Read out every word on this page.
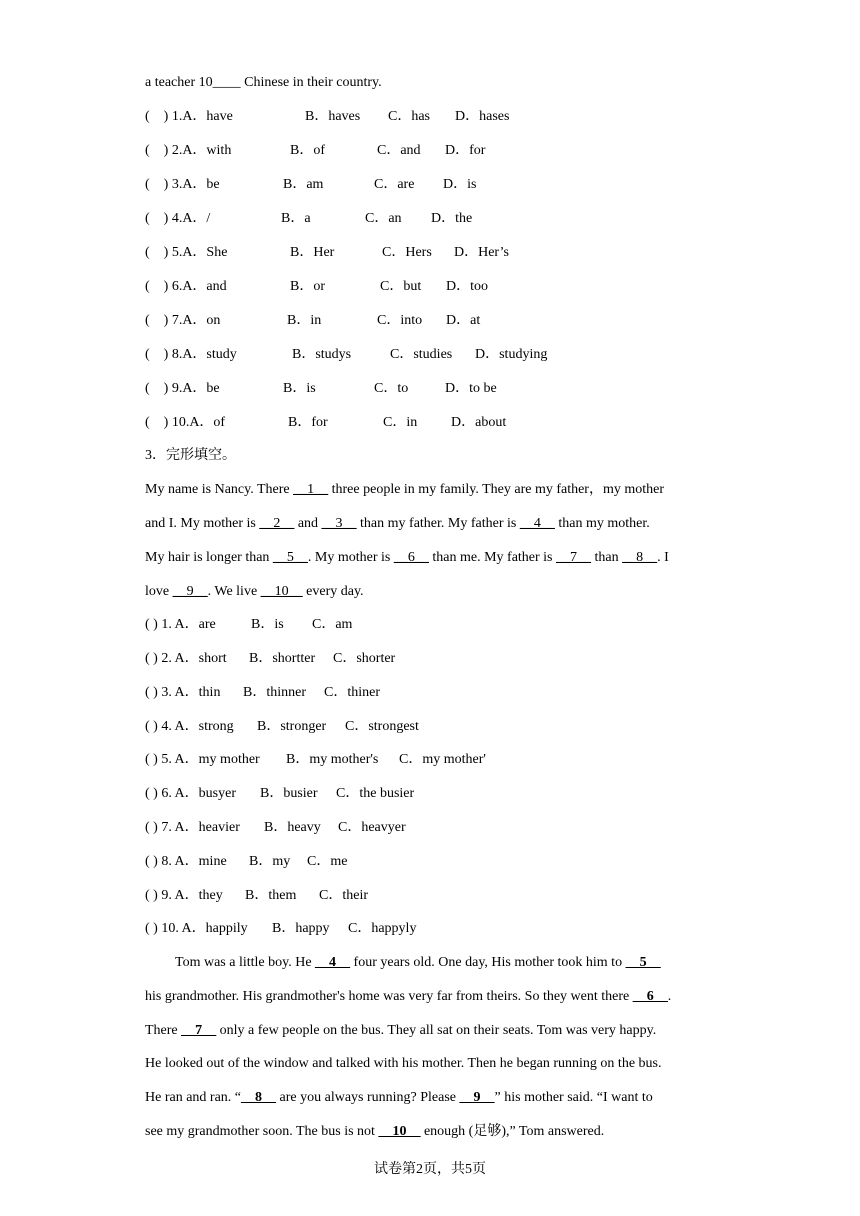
a teacher 10____ Chinese in their country.
(　) 1.A．have	B．haves C．has D．hases
(　) 2.A．with	B．of	C．and D．for
(　) 3.A．be	B．am	C．are D．is
(　) 4.A．/	B．a	C．an D．the
(　) 5.A．She	B．Her	C．Hers D．Her’s
(　) 6.A．and	B．or	C．but D．too
(　) 7.A．on	B．in	C．into D．at
(　) 8.A．study	B．studys	C．studies D．studying
(　) 9.A．be	B．is	C．to	D．to be
(　) 10.A．of	B．for	C．in D．about
3．完形填空。
My name is Nancy. There __1__ three people in my family. They are my father，my mother
and I. My mother is __2__ and __3__ than my father. My father is __4__ than my mother.
My hair is longer than __5__. My mother is __6__ than me. My father is __7__ than __8__. I
love __9__. We live __10__ every day.
( ) 1. A．are	B．is C．am
( ) 2. A．short B．shortter C．shorter
( ) 3. A．thin B．thinner C．thiner
( ) 4. A．strong B．stronger C．strongest
( ) 5. A．my mother B．my mother's C．my mother'
( ) 6. A．busyer B．busier C．the busier
( ) 7. A．heavier B．heavy C．heavyer
( ) 8. A．mine B．my C．me
( ) 9. A．they B．them C．their
( ) 10. A．happily B．happy C．happyly
Tom was a little boy. He __4__ four years old. One day, His mother took him to __5__
his grandmother. His grandmother's home was very far from theirs. So they went there __6__.
There __7__ only a few people on the bus. They all sat on their seats. Tom was very happy.
He looked out of the window and talked with his mother. Then he began running on the bus.
He ran and ran. “__8__ are you always running? Please __9__” his mother said. “I want to
see my grandmother soon. The bus is not __10__ enough (足够),” Tom answered.
试卷第2页，共5页
